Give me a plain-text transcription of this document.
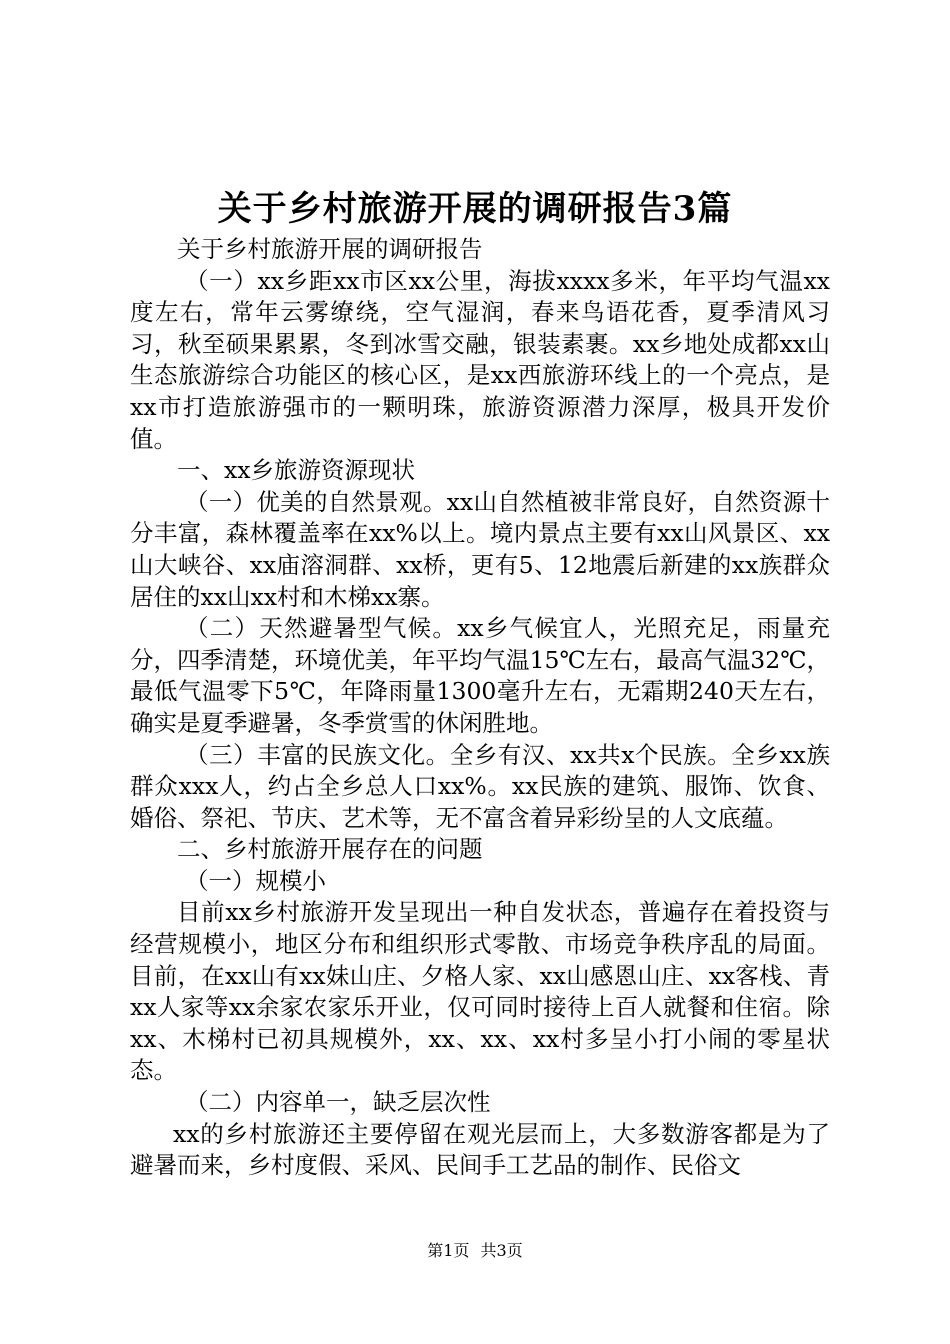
关于乡村旅游开展的调研报告3篇

关于乡村旅游开展的调研报告

（一）xx乡距xx市区xx公里，海拔xxxx多米，年平均气温xx度左右，常年云雾缭绕，空气湿润，春来鸟语花香，夏季清风习习，秋至硕果累累，冬到冰雪交融，银装素裹。xx乡地处成都xx山生态旅游综合功能区的核心区，是xx西旅游环线上的一个亮点，是xx市打造旅游强市的一颗明珠，旅游资源潜力深厚，极具开发价值。

一、xx乡旅游资源现状

（一）优美的自然景观。xx山自然植被非常良好，自然资源十分丰富，森林覆盖率在xx%以上。境内景点主要有xx山风景区、xx山大峡谷、xx庙溶洞群、xx桥，更有5、12地震后新建的xx族群众居住的xx山xx村和木梯xx寨。

（二）天然避暑型气候。xx乡气候宜人，光照充足，雨量充分，四季清楚，环境优美，年平均气温15℃左右，最高气温32℃，最低气温零下5℃，年降雨量1300毫升左右，无霜期240天左右，确实是夏季避暑，冬季赏雪的休闲胜地。

（三）丰富的民族文化。全乡有汉、xx共x个民族。全乡xx族群众xxx人，约占全乡总人口xx%。xx民族的建筑、服饰、饮食、婚俗、祭祀、节庆、艺术等，无不富含着异彩纷呈的人文底蕴。

二、乡村旅游开展存在的问题

（一）规模小

目前xx乡村旅游开发呈现出一种自发状态，普遍存在着投资与经营规模小，地区分布和组织形式零散、市场竞争秩序乱的局面。目前，在xx山有xx妹山庄、夕格人家、xx山感恩山庄、xx客栈、青xx人家等xx余家农家乐开业，仅可同时接待上百人就餐和住宿。除xx、木梯村已初具规模外，xx、xx、xx村多呈小打小闹的零星状态。

（二）内容单一，缺乏层次性

xx的乡村旅游还主要停留在观光层而上，大多数游客都是为了避暑而来，乡村度假、采风、民间手工艺品的制作、民俗文

第1页 共3页
